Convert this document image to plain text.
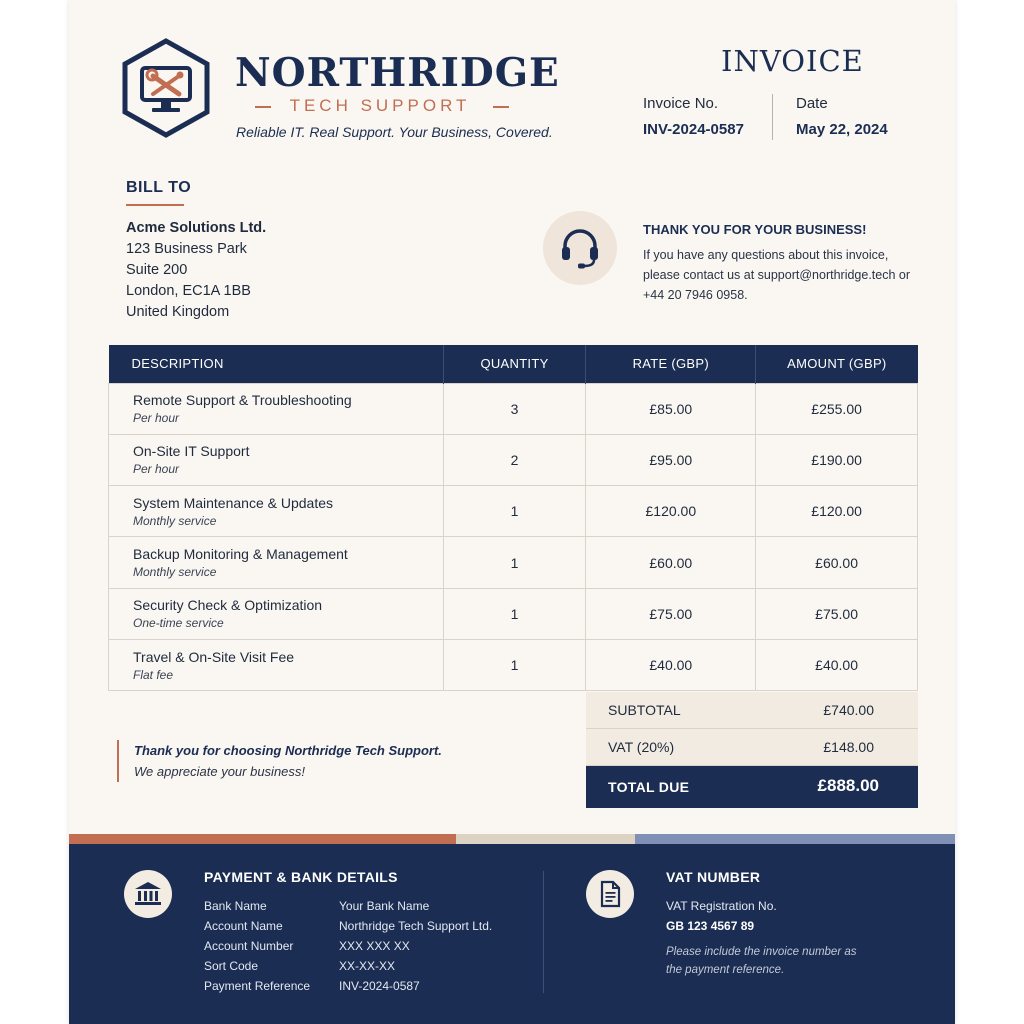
NORTHRIDGE
TECH SUPPORT
Reliable IT. Real Support. Your Business, Covered.
INVOICE
Invoice No.
INV-2024-0587
Date
May 22, 2024
BILL TO
Acme Solutions Ltd.
123 Business Park
Suite 200
London, EC1A 1BB
United Kingdom
THANK YOU FOR YOUR BUSINESS!
If you have any questions about this invoice, please contact us at support@northridge.tech or +44 20 7946 0958.
DESCRIPTION	QUANTITY	RATE (GBP)	AMOUNT (GBP)

Remote Support & Troubleshooting
Per hour	3	£85.00	£255.00

On-Site IT Support
Per hour	2	£95.00	£190.00

System Maintenance & Updates
Monthly service	1	£120.00	£120.00

Backup Monitoring & Management
Monthly service	1	£60.00	£60.00

Security Check & Optimization
One-time service	1	£75.00	£75.00

Travel & On-Site Visit Fee
Flat fee	1	£40.00	£40.00
SUBTOTAL	£740.00
VAT (20%)	£148.00
TOTAL DUE	£888.00
Thank you for choosing Northridge Tech Support.
We appreciate your business!
PAYMENT & BANK DETAILS
Bank Name	Your Bank Name
Account Name	Northridge Tech Support Ltd.
Account Number	XXX XXX XX
Sort Code	XX-XX-XX
Payment Reference	INV-2024-0587
VAT NUMBER
VAT Registration No.
GB 123 4567 89
Please include the invoice number as the payment reference.
